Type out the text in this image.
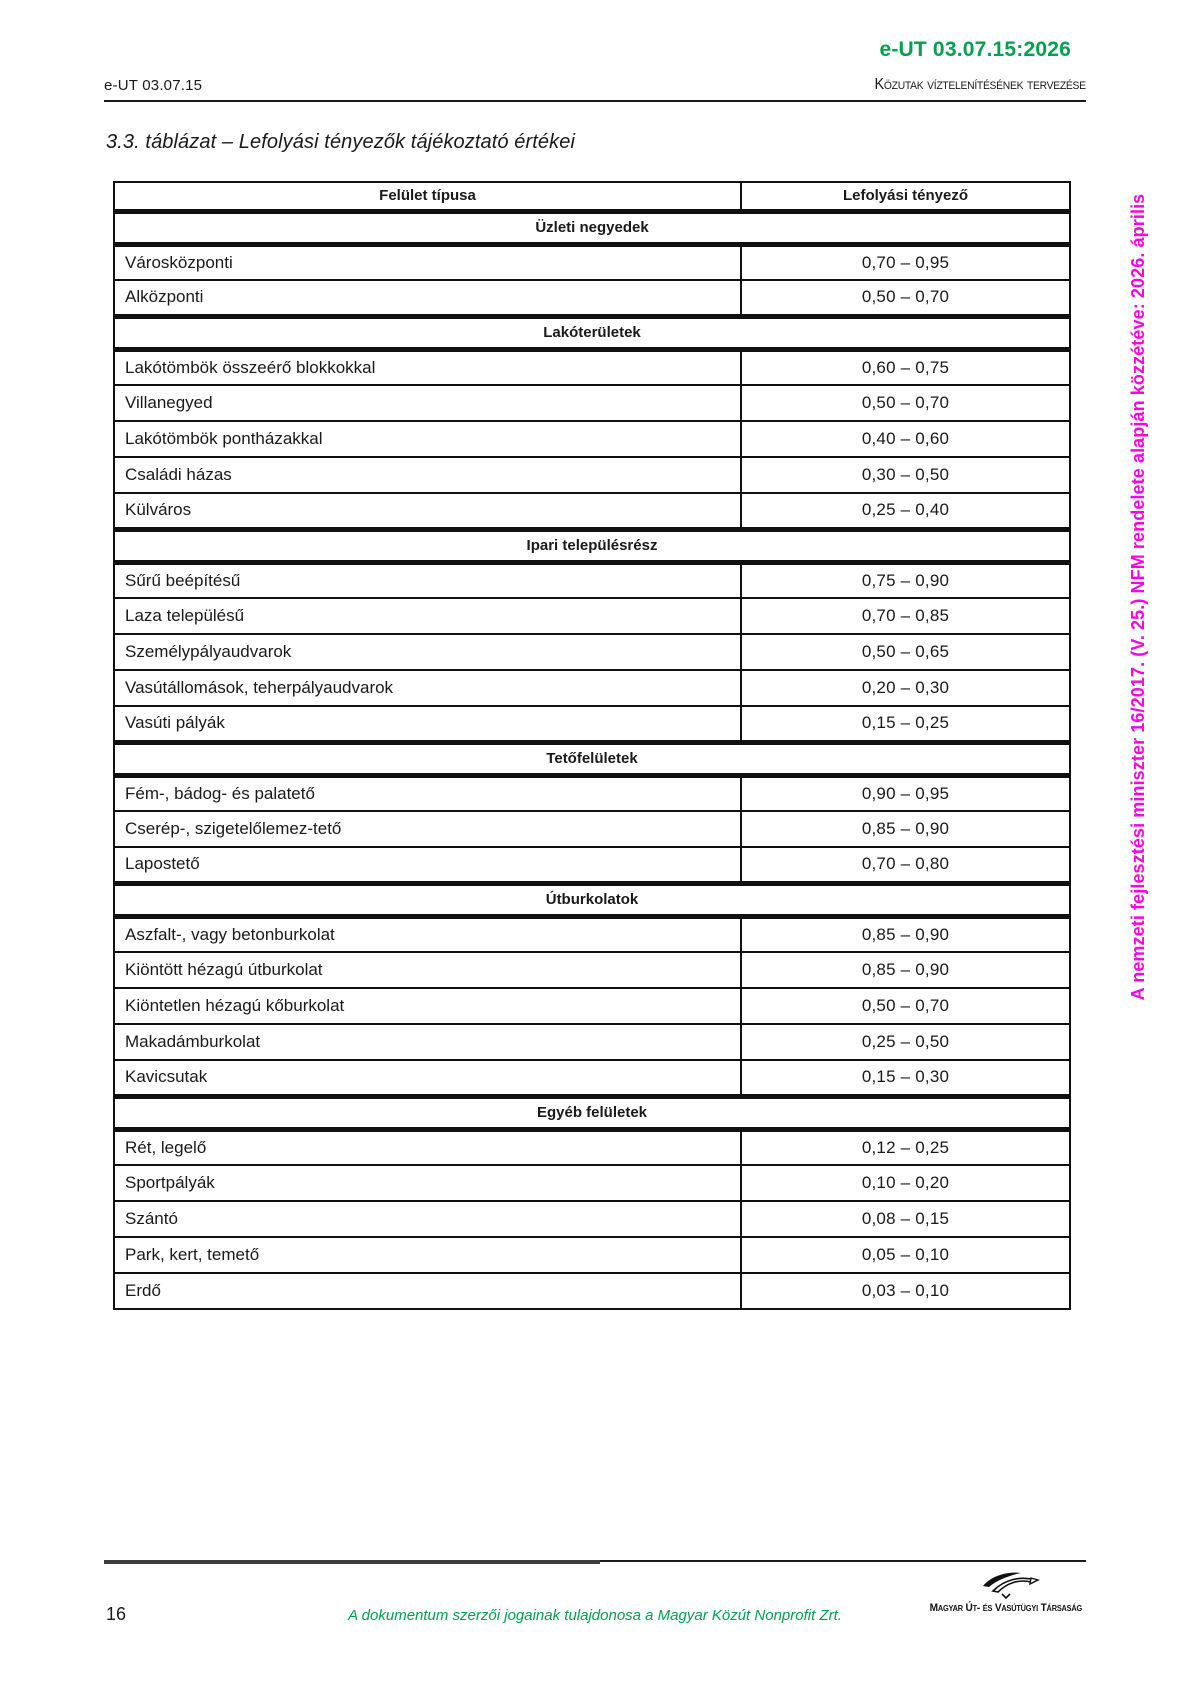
e-UT 03.07.15:2026
e-UT 03.07.15	Közutak víztelenítésének tervezése
3.3. táblázat – Lefolyási tényezők tájékoztató értékei
Felület típusa	Lefolyási tényező
Üzleti negyedek	
Városközponti	0,70 – 0,95
Alközponti	0,50 – 0,70
Lakóterületek	
Lakótömbök összeérő blokkokkal	0,60 – 0,75
Villanegyed	0,50 – 0,70
Lakótömbök pontházakkal	0,40 – 0,60
Családi házas	0,30 – 0,50
Külváros	0,25 – 0,40
Ipari településrész	
Sűrű beépítésű	0,75 – 0,90
Laza településű	0,70 – 0,85
Személypályaudvarok	0,50 – 0,65
Vasútállomások, teherpályaudvarok	0,20 – 0,30
Vasúti pályák	0,15 – 0,25
Tetőfelületek	
Fém-, bádog- és palatető	0,90 – 0,95
Cserép-, szigetelőlemez-tető	0,85 – 0,90
Lapostető	0,70 – 0,80
Útburkolatok	
Aszfalt-, vagy betonburkolat	0,85 – 0,90
Kiöntött hézagú útburkolat	0,85 – 0,90
Kiöntetlen hézagú kőburkolat	0,50 – 0,70
Makadámburkolat	0,25 – 0,50
Kavicsutak	0,15 – 0,30
Egyéb felületek	
Rét, legelő	0,12 – 0,25
Sportpályák	0,10 – 0,20
Szántó	0,08 – 0,15
Park, kert, temető	0,05 – 0,10
Erdő	0,03 – 0,10
A nemzeti fejlesztési miniszter 16/2017. (V. 25.) NFM rendelete alapján közzétéve: 2026. április
16	A dokumentum szerzői jogainak tulajdonosa a Magyar Közút Nonprofit Zrt.	Magyar Út- és Vasútügyi Társaság
